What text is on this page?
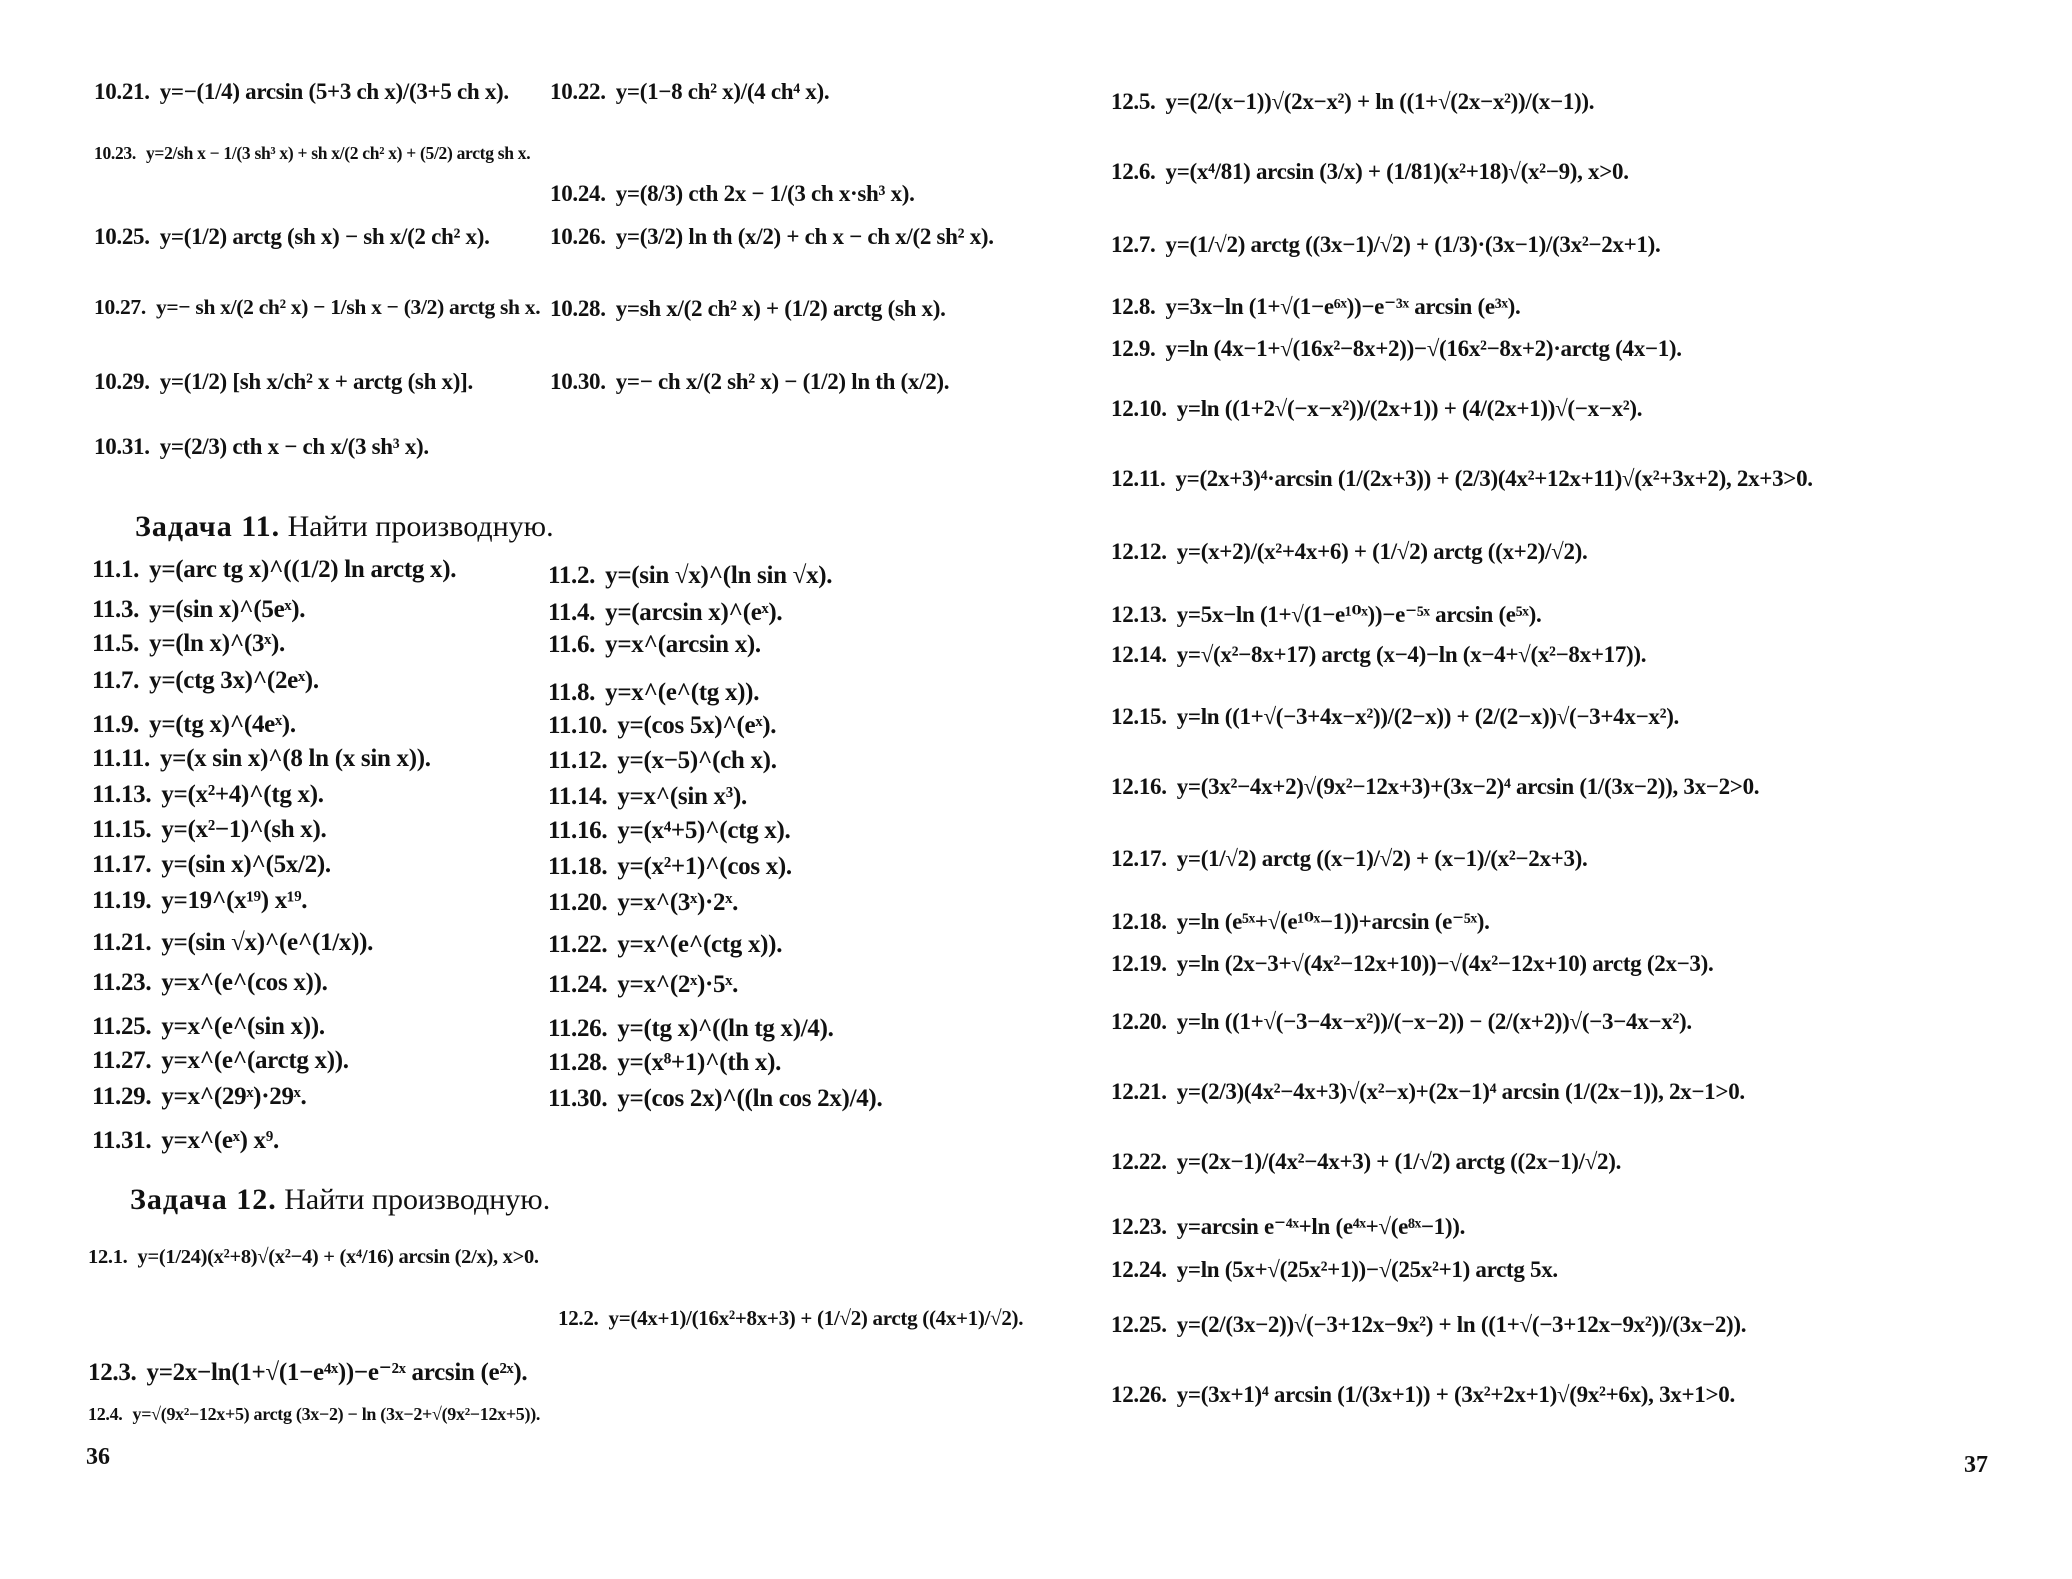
10.21. y=−(1/4) arcsin (5+3 ch x)/(3+5 ch x). 10.22. y=(1−8 ch² x)/(4 ch⁴ x).
10.23. y=2/sh x − 1/(3 sh³ x) + sh x/(2 ch² x) + (5/2) arctg sh x.
10.24. y=(8/3) cth 2x − 1/(3 ch x·sh³ x).
10.25. y=(1/2) arctg (sh x) − sh x/(2 ch² x).	10.26. y=(3/2) ln th (x/2) + ch x − ch x/(2 sh² x).
10.27. y=− sh x/(2 ch² x) − 1/sh x − (3/2) arctg sh x. 10.28. y=sh x/(2 ch² x) + (1/2) arctg (sh x).
10.29. y=(1/2) [sh x/ch² x + arctg (sh x)].	10.30. y=− ch x/(2 sh² x) − (1/2) ln th (x/2).
10.31. y=(2/3) cth x − ch x/(3 sh³ x).
Задача 11. Найти производную.
11.1. y=(arc tg x)^((1/2) ln arctg x).
11.3. y=(sin x)^(5eˣ).
11.5. y=(ln x)^(3ˣ).
11.7. y=(ctg 3x)^(2eˣ).
11.9. y=(tg x)^(4eˣ).
11.11. y=(x sin x)^(8 ln (x sin x)).
11.13. y=(x²+4)^(tg x).
11.15. y=(x²−1)^(sh x).
11.17. y=(sin x)^(5x/2).
11.19. y=19^(x¹⁹) x¹⁹.
11.21. y=(sin √x)^(e^(1/x)).
11.23. y=x^(e^(cos x)).
11.25. y=x^(e^(sin x)).
11.27. y=x^(e^(arctg x)).
11.29. y=x^(29ˣ)·29ˣ.
11.31. y=x^(eˣ) x⁹.
11.2. y=(sin √x)^(ln sin √x).
11.4. y=(arcsin x)^(eˣ).
11.6. y=x^(arcsin x).
11.8. y=x^(e^(tg x)).
11.10. y=(cos 5x)^(eˣ).
11.12. y=(x−5)^(ch x).
11.14. y=x^(sin x³).
11.16. y=(x⁴+5)^(ctg x).
11.18. y=(x²+1)^(cos x).
11.20. y=x^(3ˣ)·2ˣ.
11.22. y=x^(e^(ctg x)).
11.24. y=x^(2ˣ)·5ˣ.
11.26. y=(tg x)^((ln tg x)/4).
11.28. y=(x⁸+1)^(th x).
11.30. y=(cos 2x)^((ln cos 2x)/4).
Задача 12. Найти производную.
12.1. y=(1/24)(x²+8)√(x²−4) + (x⁴/16) arcsin (2/x), x>0.
12.2. y=(4x+1)/(16x²+8x+3) + (1/√2) arctg ((4x+1)/√2).
12.3. y=2x−ln(1+√(1−e⁴ˣ))−e⁻²ˣ arcsin (e²ˣ).
12.4. y=√(9x²−12x+5) arctg (3x−2) − ln (3x−2+√(9x²−12x+5)).
36
12.5. y=(2/(x−1))√(2x−x²) + ln ((1+√(2x−x²))/(x−1)).
12.6. y=(x⁴/81) arcsin (3/x) + (1/81)(x²+18)√(x²−9), x>0.
12.7. y=(1/√2) arctg ((3x−1)/√2) + (1/3)·(3x−1)/(3x²−2x+1).
12.8. y=3x−ln (1+√(1−e⁶ˣ))−e⁻³ˣ arcsin (e³ˣ).
12.9. y=ln (4x−1+√(16x²−8x+2))−√(16x²−8x+2)·arctg (4x−1).
12.10. y=ln ((1+2√(−x−x²))/(2x+1)) + (4/(2x+1))√(−x−x²).
12.11. y=(2x+3)⁴·arcsin (1/(2x+3)) + (2/3)(4x²+12x+11)√(x²+3x+2), 2x+3>0.
12.12. y=(x+2)/(x²+4x+6) + (1/√2) arctg ((x+2)/√2).
12.13. y=5x−ln (1+√(1−e¹⁰ˣ))−e⁻⁵ˣ arcsin (e⁵ˣ).
12.14. y=√(x²−8x+17) arctg (x−4)−ln (x−4+√(x²−8x+17)).
12.15. y=ln ((1+√(−3+4x−x²))/(2−x)) + (2/(2−x))√(−3+4x−x²).
12.16. y=(3x²−4x+2)√(9x²−12x+3)+(3x−2)⁴ arcsin (1/(3x−2)), 3x−2>0.
12.17. y=(1/√2) arctg ((x−1)/√2) + (x−1)/(x²−2x+3).
12.18. y=ln (e⁵ˣ+√(e¹⁰ˣ−1))+arcsin (e⁻⁵ˣ).
12.19. y=ln (2x−3+√(4x²−12x+10))−√(4x²−12x+10) arctg (2x−3).
12.20. y=ln ((1+√(−3−4x−x²))/(−x−2)) − (2/(x+2))√(−3−4x−x²).
12.21. y=(2/3)(4x²−4x+3)√(x²−x)+(2x−1)⁴ arcsin (1/(2x−1)), 2x−1>0.
12.22. y=(2x−1)/(4x²−4x+3) + (1/√2) arctg ((2x−1)/√2).
12.23. y=arcsin e⁻⁴ˣ+ln (e⁴ˣ+√(e⁸ˣ−1)).
12.24. y=ln (5x+√(25x²+1))−√(25x²+1) arctg 5x.
12.25. y=(2/(3x−2))√(−3+12x−9x²) + ln ((1+√(−3+12x−9x²))/(3x−2)).
12.26. y=(3x+1)⁴ arcsin (1/(3x+1)) + (3x²+2x+1)√(9x²+6x), 3x+1>0.
37
